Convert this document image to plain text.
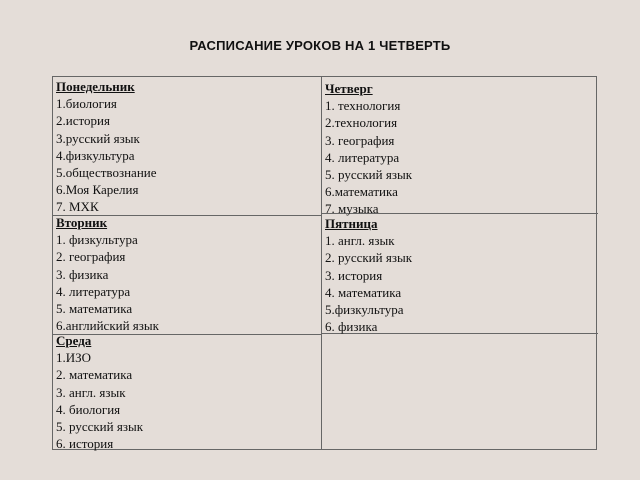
РАСПИСАНИЕ УРОКОВ НА 1 ЧЕТВЕРТЬ
Понедельник
1.биология
2.история
3.русский язык
4.физкультура
5.обществознание
6.Моя Карелия
7. МХК
Четверг
1. технология
2.технология
3. география
4. литература
5. русский язык
6.математика
7. музыка
Вторник
1. физкультура
2. география
3. физика
4. литература
5. математика
6.английский язык
Пятница
1. англ. язык
2. русский язык
3. история
4. математика
5.физкультура
6. физика
Среда
1.ИЗО
2. математика
3. англ. язык
4. биология
5. русский язык
6. история
